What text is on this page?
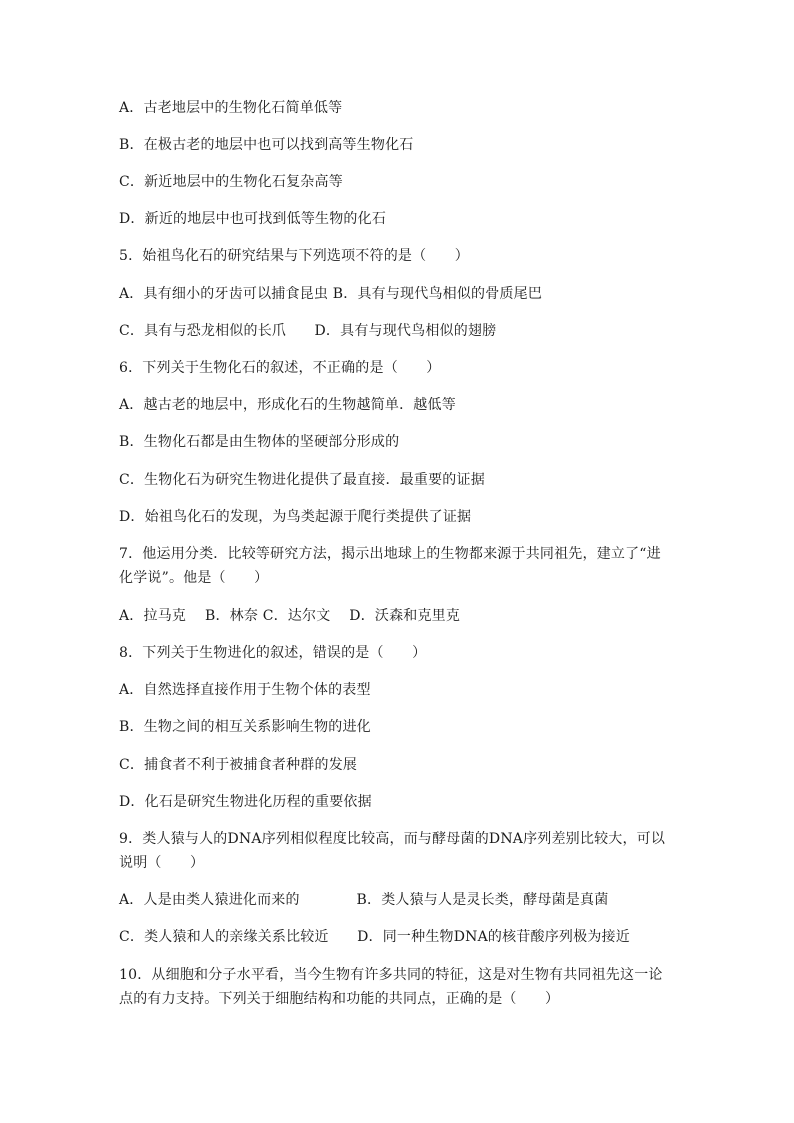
A．古老地层中的生物化石简单低等
B．在极古老的地层中也可以找到高等生物化石
C．新近地层中的生物化石复杂高等
D．新近的地层中也可找到低等生物的化石
5．始祖鸟化石的研究结果与下列选项不符的是（　　）
A．具有细小的牙齿可以捕食昆虫 B．具有与现代鸟相似的骨质尾巴
C．具有与恐龙相似的长爪　　D．具有与现代鸟相似的翅膀
6．下列关于生物化石的叙述，不正确的是（　　）
A．越古老的地层中，形成化石的生物越简单．越低等
B．生物化石都是由生物体的坚硬部分形成的
C．生物化石为研究生物进化提供了最直接．最重要的证据
D．始祖鸟化石的发现，为鸟类起源于爬行类提供了证据
7．他运用分类．比较等研究方法，揭示出地球上的生物都来源于共同祖先，建立了“进
化学说”。他是（　　）
A．拉马克　 B．林奈 C．达尔文　 D．沃森和克里克
8．下列关于生物进化的叙述，错误的是（　　）
A．自然选择直接作用于生物个体的表型
B．生物之间的相互关系影响生物的进化
C．捕食者不利于被捕食者种群的发展
D．化石是研究生物进化历程的重要依据
9．类人猿与人的DNA序列相似程度比较高，而与酵母菌的DNA序列差别比较大，可以
说明（　　）
A．人是由类人猿进化而来的　　　　B．类人猿与人是灵长类，酵母菌是真菌
C．类人猿和人的亲缘关系比较近　　D．同一种生物DNA的核苷酸序列极为接近
10．从细胞和分子水平看，当今生物有许多共同的特征，这是对生物有共同祖先这一论
点的有力支持。下列关于细胞结构和功能的共同点，正确的是（　　）
